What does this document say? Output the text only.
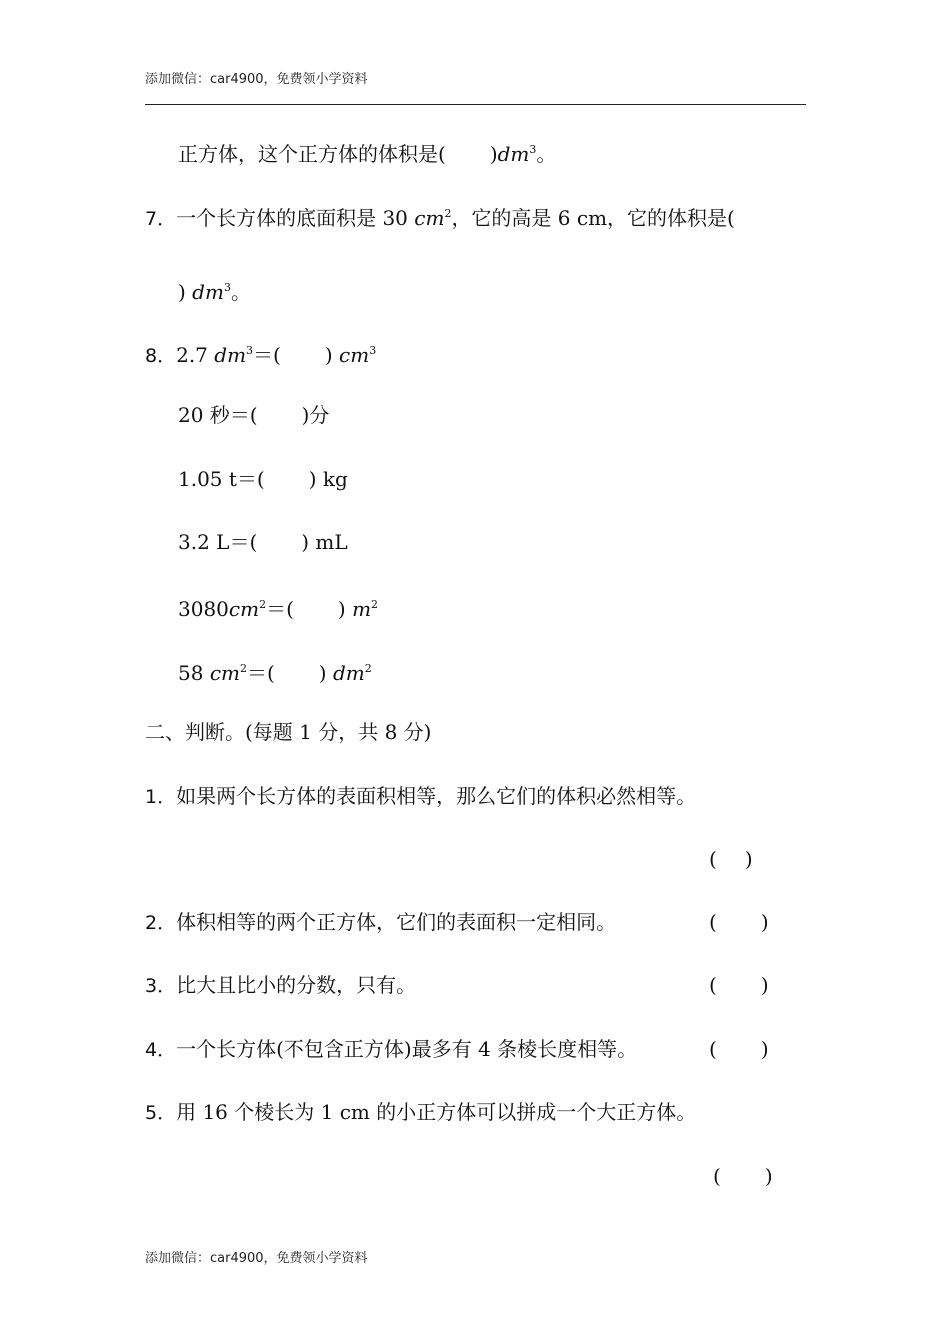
添加微信：car4900，免费领小学资料
正方体，这个正方体的体积是( )$dm^3$。
7．一个长方体的底面积是 30 $cm^2$，它的高是 6 cm，它的体积是(
) $dm^3$。
8．2.7 $dm^3=$( ) $cm^3$
20 秒＝( )分
1.05 t＝( ) kg
3.2 L＝( ) mL
$3080cm^2=$( ) $m^2$
58 $cm^2=$( ) $dm^2$
二、判断。(每题 1 分，共 8 分)
1．如果两个长方体的表面积相等，那么它们的体积必然相等。
( )
2．体积相等的两个正方体，它们的表面积一定相同。	( )
3．比大且比小的分数，只有。	( )
4．一个长方体(不包含正方体)最多有 4 条棱长度相等。	( )
5．用 16 个棱长为 1 cm 的小正方体可以拼成一个大正方体。
( )
添加微信：car4900，免费领小学资料
